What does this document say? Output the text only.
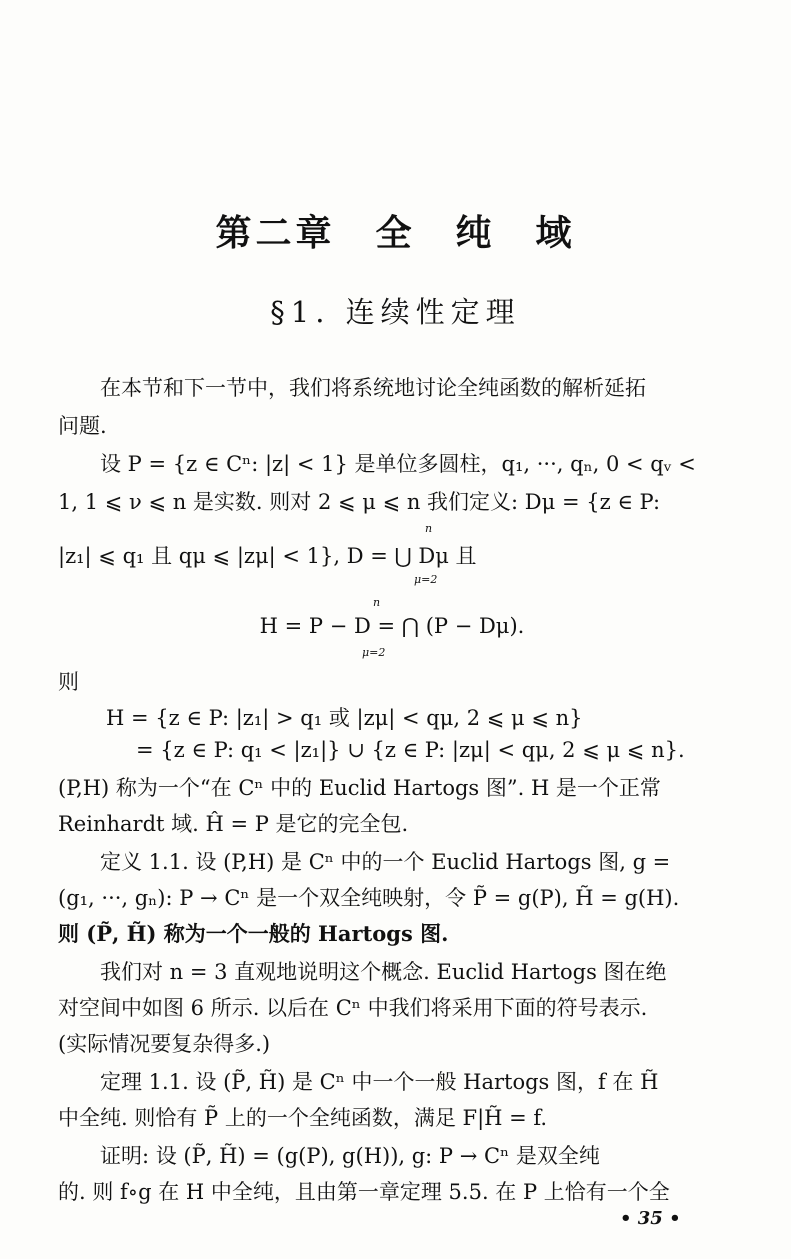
第二章　全　纯　域
§1. 连续性定理
在本节和下一节中，我们将系统地讨论全纯函数的解析延拓
问题.
设 P = {z ∈ Cⁿ: |z| < 1} 是单位多圆柱，q₁, ···, qₙ, 0 < qᵥ <
1, 1 ⩽ ν ⩽ n 是实数. 则对 2 ⩽ μ ⩽ n 我们定义: Dμ = {z ∈ P:
|z₁| ⩽ q₁ 且 qμ ⩽ |zμ| < 1}, D = ⋃ Dμ 且
n
μ=2
H = P − D = ⋂ (P − Dμ).
n
μ=2
则
H = {z ∈ P: |z₁| > q₁ 或 |zμ| < qμ, 2 ⩽ μ ⩽ n}
= {z ∈ P: q₁ < |z₁|} ∪ {z ∈ P: |zμ| < qμ, 2 ⩽ μ ⩽ n}.
(P,H) 称为一个“在 Cⁿ 中的 Euclid Hartogs 图”. H 是一个正常
Reinhardt 域. Ĥ = P 是它的完全包.
定义 1.1. 设 (P,H) 是 Cⁿ 中的一个 Euclid Hartogs 图, g =
(g₁, ···, gₙ): P → Cⁿ 是一个双全纯映射，令 P̃ = g(P), H̃ = g(H).
则 (P̃, H̃) 称为一个一般的 Hartogs 图.
我们对 n = 3 直观地说明这个概念. Euclid Hartogs 图在绝
对空间中如图 6 所示. 以后在 Cⁿ 中我们将采用下面的符号表示.
(实际情况要复杂得多.)
定理 1.1. 设 (P̃, H̃) 是 Cⁿ 中一个一般 Hartogs 图，f 在 H̃
中全纯. 则恰有 P̃ 上的一个全纯函数，满足 F|H̃ = f.
证明: 设 (P̃, H̃) = (g(P), g(H)), g: P → Cⁿ 是双全纯
的. 则 f∘g 在 H 中全纯，且由第一章定理 5.5. 在 P 上恰有一个全
• 35 •
